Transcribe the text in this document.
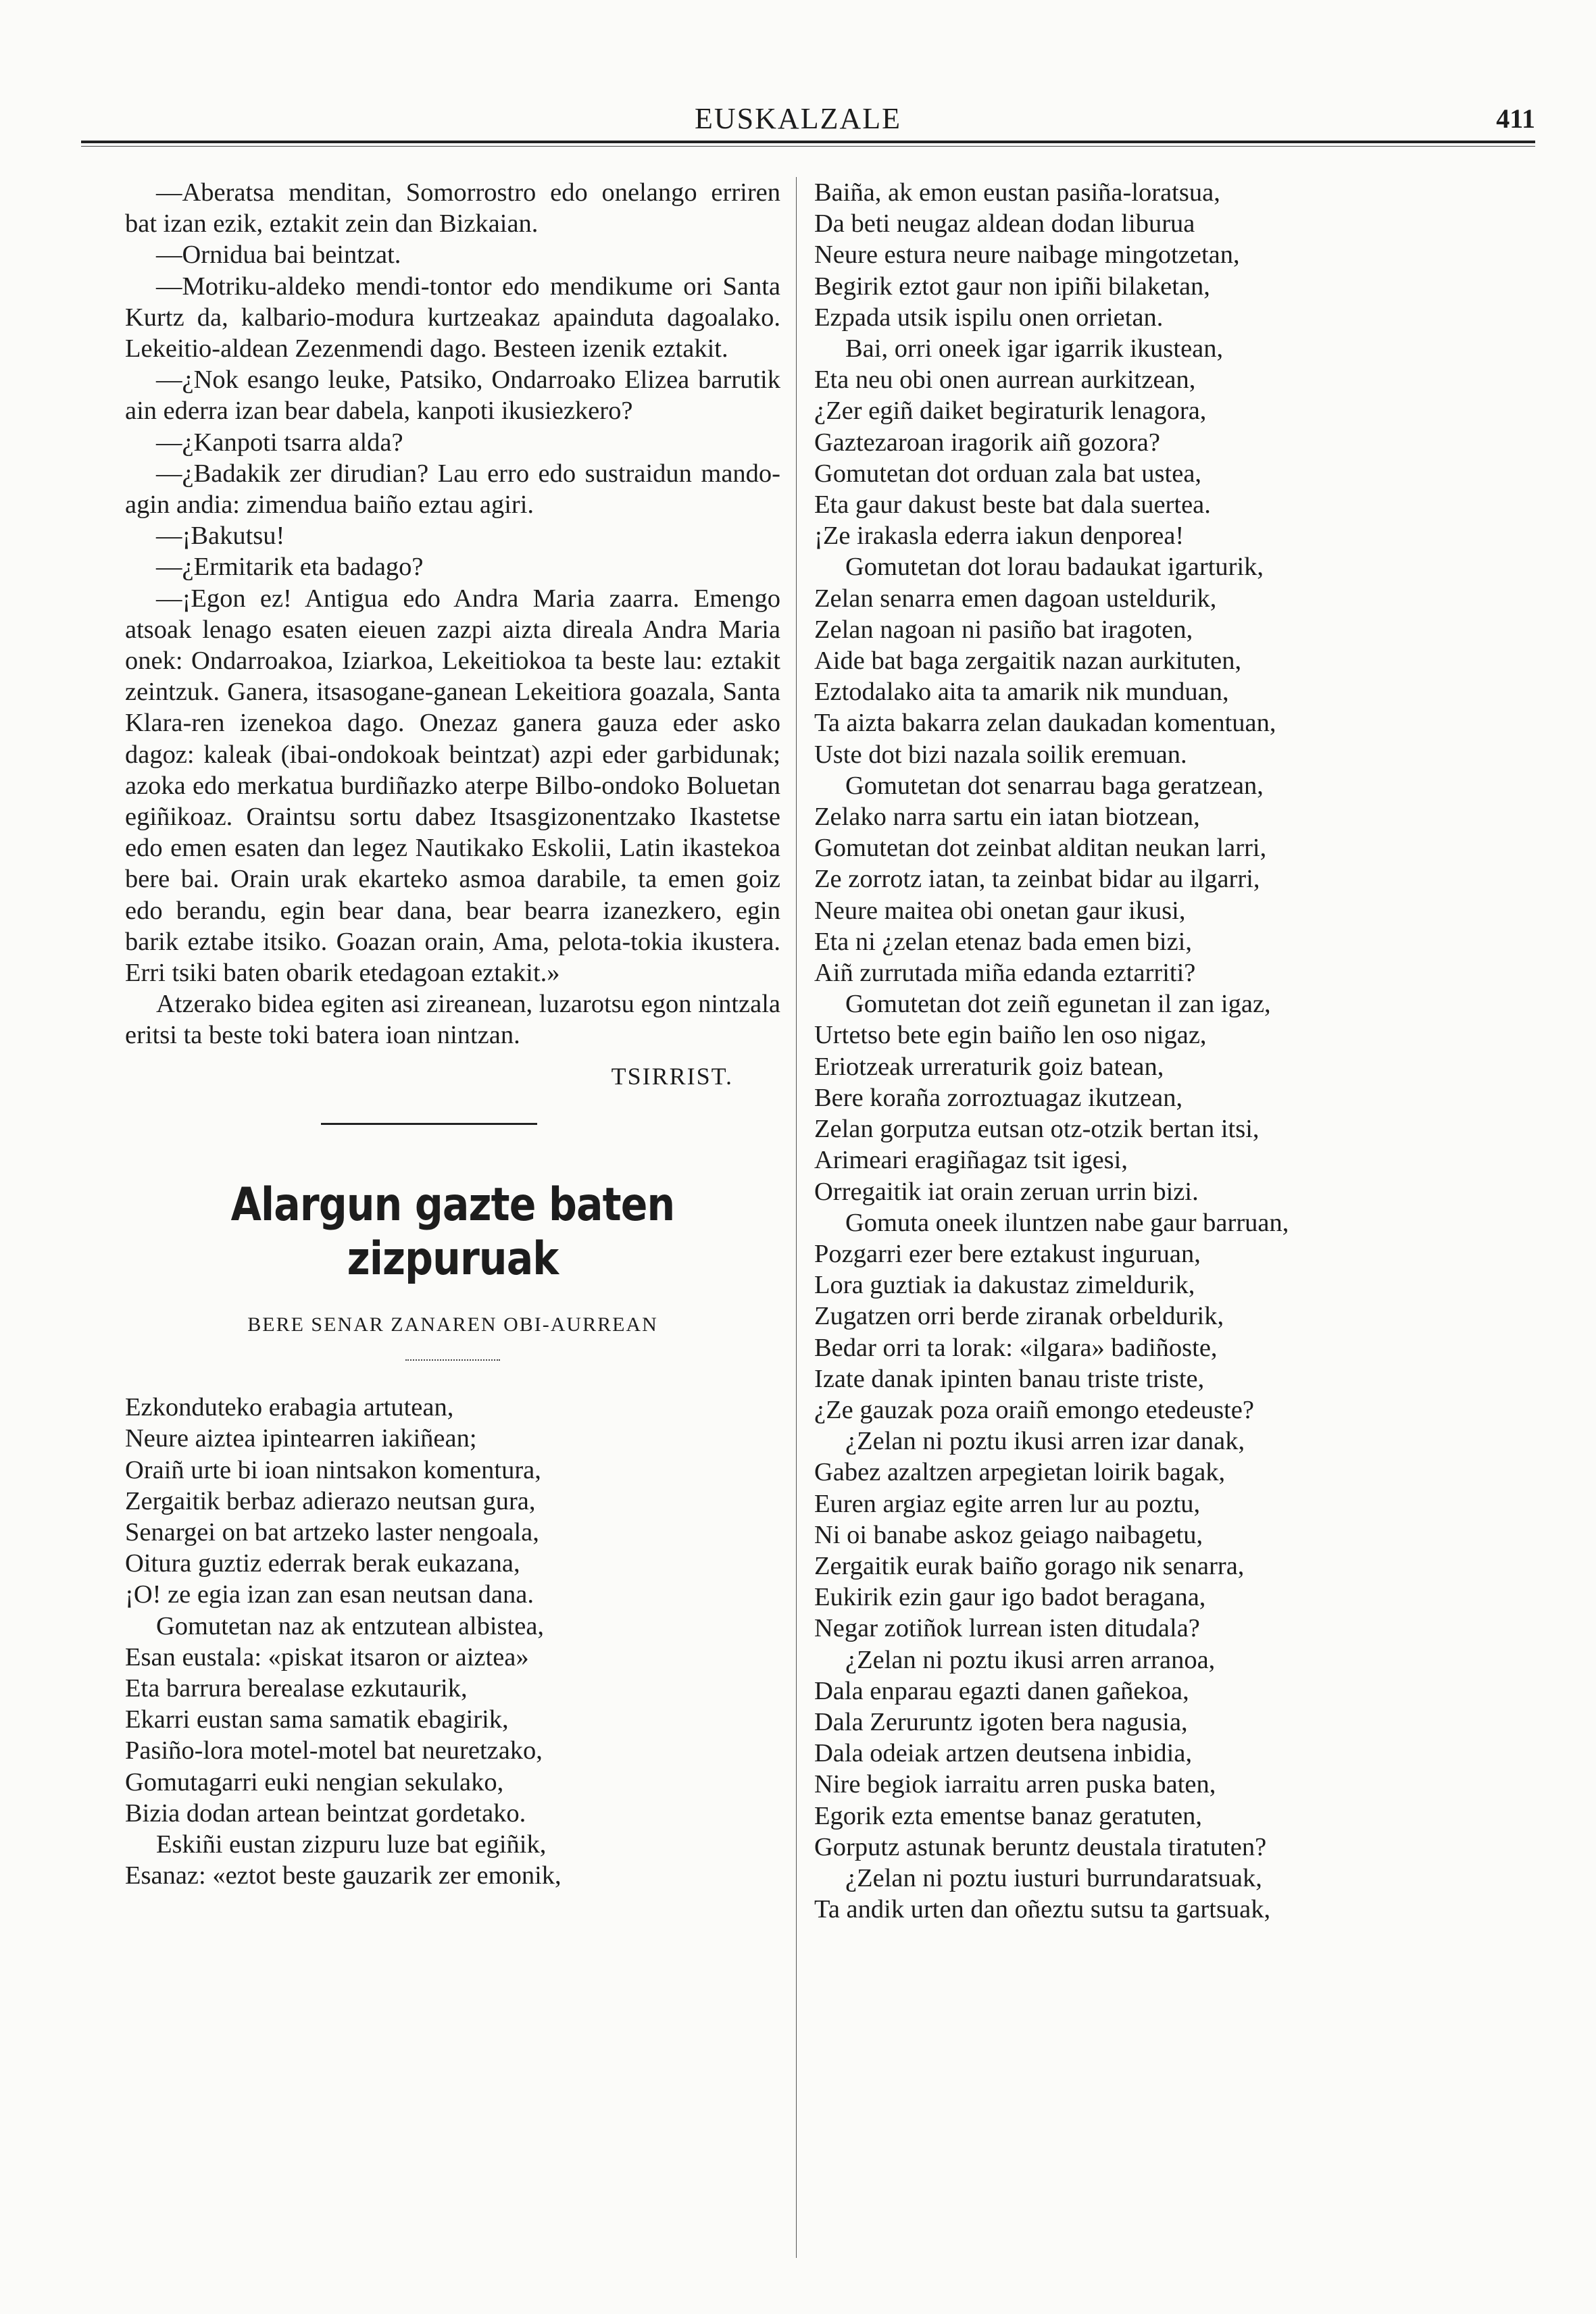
EUSKALZALE	411

—Aberatsa menditan, Somorrostro edo onelango erriren bat izan ezik, eztakit zein dan Bizkaian.

—Ornidua bai beintzat.

—Motriku-aldeko mendi-tontor edo mendikume ori Santa Kurtz da, kalbario-modura kurtzeakaz apainduta dagoalako. Lekeitio-aldean Zezenmendi dago. Besteen izenik eztakit.

—¿Nok esango leuke, Patsiko, Ondarroako Elizea barrutik ain ederra izan bear dabela, kanpoti ikusiezkero?

—¿Kanpoti tsarra alda?

—¿Badakik zer dirudian? Lau erro edo sustraidun mando-agin andia: zimendua baiño eztau agiri.

—¡Bakutsu!

—¿Ermitarik eta badago?

—¡Egon ez! Antigua edo Andra Maria zaarra. Emengo atsoak lenago esaten eieuen zazpi aizta direala Andra Maria onek: Ondarroakoa, Iziarkoa, Lekeitiokoa ta beste lau: eztakit zeintzuk. Ganera, itsasogane-ganean Lekeitiora goazala, Santa Klara-ren izenekoa dago. Onezaz ganera gauza eder asko dagoz: kaleak (ibai-ondokoak beintzat) azpi eder garbidunak; azoka edo merkatua burdiñazko aterpe Bilbo-ondoko Boluetan egiñikoaz. Oraintsu sortu dabez Itsasgizonentzako Ikastetse edo emen esaten dan legez Nautikako Eskolii, Latin ikastekoa bere bai. Orain urak ekarteko asmoa darabile, ta emen goiz edo berandu, egin bear dana, bear bearra izanezkero, egin barik eztabe itsiko. Goazan orain, Ama, pelota-tokia ikustera. Erri tsiki baten obarik etedagoan eztakit.»

Atzerako bidea egiten asi zireanean, luzarotsu egon nintzala eritsi ta beste toki batera ioan nintzan.

TSIRRIST.

Alargun gazte baten zizpuruak

BERE SENAR ZANAREN OBI-AURREAN

Ezkonduteko erabagia artutean,

Neure aiztea ipintearren iakiñean;

Oraiñ urte bi ioan nintsakon komentura,

Zergaitik berbaz adierazo neutsan gura,

Senargei on bat artzeko laster nengoala,

Oitura guztiz ederrak berak eukazana,

¡O! ze egia izan zan esan neutsan dana.

Gomutetan naz ak entzutean albistea,

Esan eustala: «piskat itsaron or aiztea»

Eta barrura berealase ezkutaurik,

Ekarri eustan sama samatik ebagirik,

Pasiño-lora motel-motel bat neuretzako,

Gomutagarri euki nengian sekulako,

Bizia dodan artean beintzat gordetako.

Eskiñi eustan zizpuru luze bat egiñik,

Esanaz: «eztot beste gauzarik zer emonik,

Baiña, ak emon eustan pasiña-loratsua,

Da beti neugaz aldean dodan liburua

Neure estura neure naibage mingotzetan,

Begirik eztot gaur non ipiñi bilaketan,

Ezpada utsik ispilu onen orrietan.

Bai, orri oneek igar igarrik ikustean,

Eta neu obi onen aurrean aurkitzean,

¿Zer egiñ daiket begiraturik lenagora,

Gaztezaroan iragorik aiñ gozora?

Gomutetan dot orduan zala bat ustea,

Eta gaur dakust beste bat dala suertea.

¡Ze irakasla ederra iakun denporea!

Gomutetan dot lorau badaukat igarturik,

Zelan senarra emen dagoan usteldurik,

Zelan nagoan ni pasiño bat iragoten,

Aide bat baga zergaitik nazan aurkituten,

Eztodalako aita ta amarik nik munduan,

Ta aizta bakarra zelan daukadan komentuan,

Uste dot bizi nazala soilik eremuan.

Gomutetan dot senarrau baga geratzean,

Zelako narra sartu ein iatan biotzean,

Gomutetan dot zeinbat alditan neukan larri,

Ze zorrotz iatan, ta zeinbat bidar au ilgarri,

Neure maitea obi onetan gaur ikusi,

Eta ni ¿zelan etenaz bada emen bizi,

Aiñ zurrutada miña edanda eztarriti?

Gomutetan dot zeiñ egunetan il zan igaz,

Urtetso bete egin baiño len oso nigaz,

Eriotzeak urreraturik goiz batean,

Bere koraña zorroztuagaz ikutzean,

Zelan gorputza eutsan otz-otzik bertan itsi,

Arimeari eragiñagaz tsit igesi,

Orregaitik iat orain zeruan urrin bizi.

Gomuta oneek iluntzen nabe gaur barruan,

Pozgarri ezer bere eztakust inguruan,

Lora guztiak ia dakustaz zimeldurik,

Zugatzen orri berde ziranak orbeldurik,

Bedar orri ta lorak: «ilgara» badiñoste,

Izate danak ipinten banau triste triste,

¿Ze gauzak poza oraiñ emongo etedeuste?

¿Zelan ni poztu ikusi arren izar danak,

Gabez azaltzen arpegietan loirik bagak,

Euren argiaz egite arren lur au poztu,

Ni oi banabe askoz geiago naibagetu,

Zergaitik eurak baiño gorago nik senarra,

Eukirik ezin gaur igo badot beragana,

Negar zotiñok lurrean isten ditudala?

¿Zelan ni poztu ikusi arren arranoa,

Dala enparau egazti danen gañekoa,

Dala Zeruruntz igoten bera nagusia,

Dala odeiak artzen deutsena inbidia,

Nire begiok iarraitu arren puska baten,

Egorik ezta ementse banaz geratuten,

Gorputz astunak beruntz deustala tiratuten?

¿Zelan ni poztu iusturi burrundaratsuak,

Ta andik urten dan oñeztu sutsu ta gartsuak,
